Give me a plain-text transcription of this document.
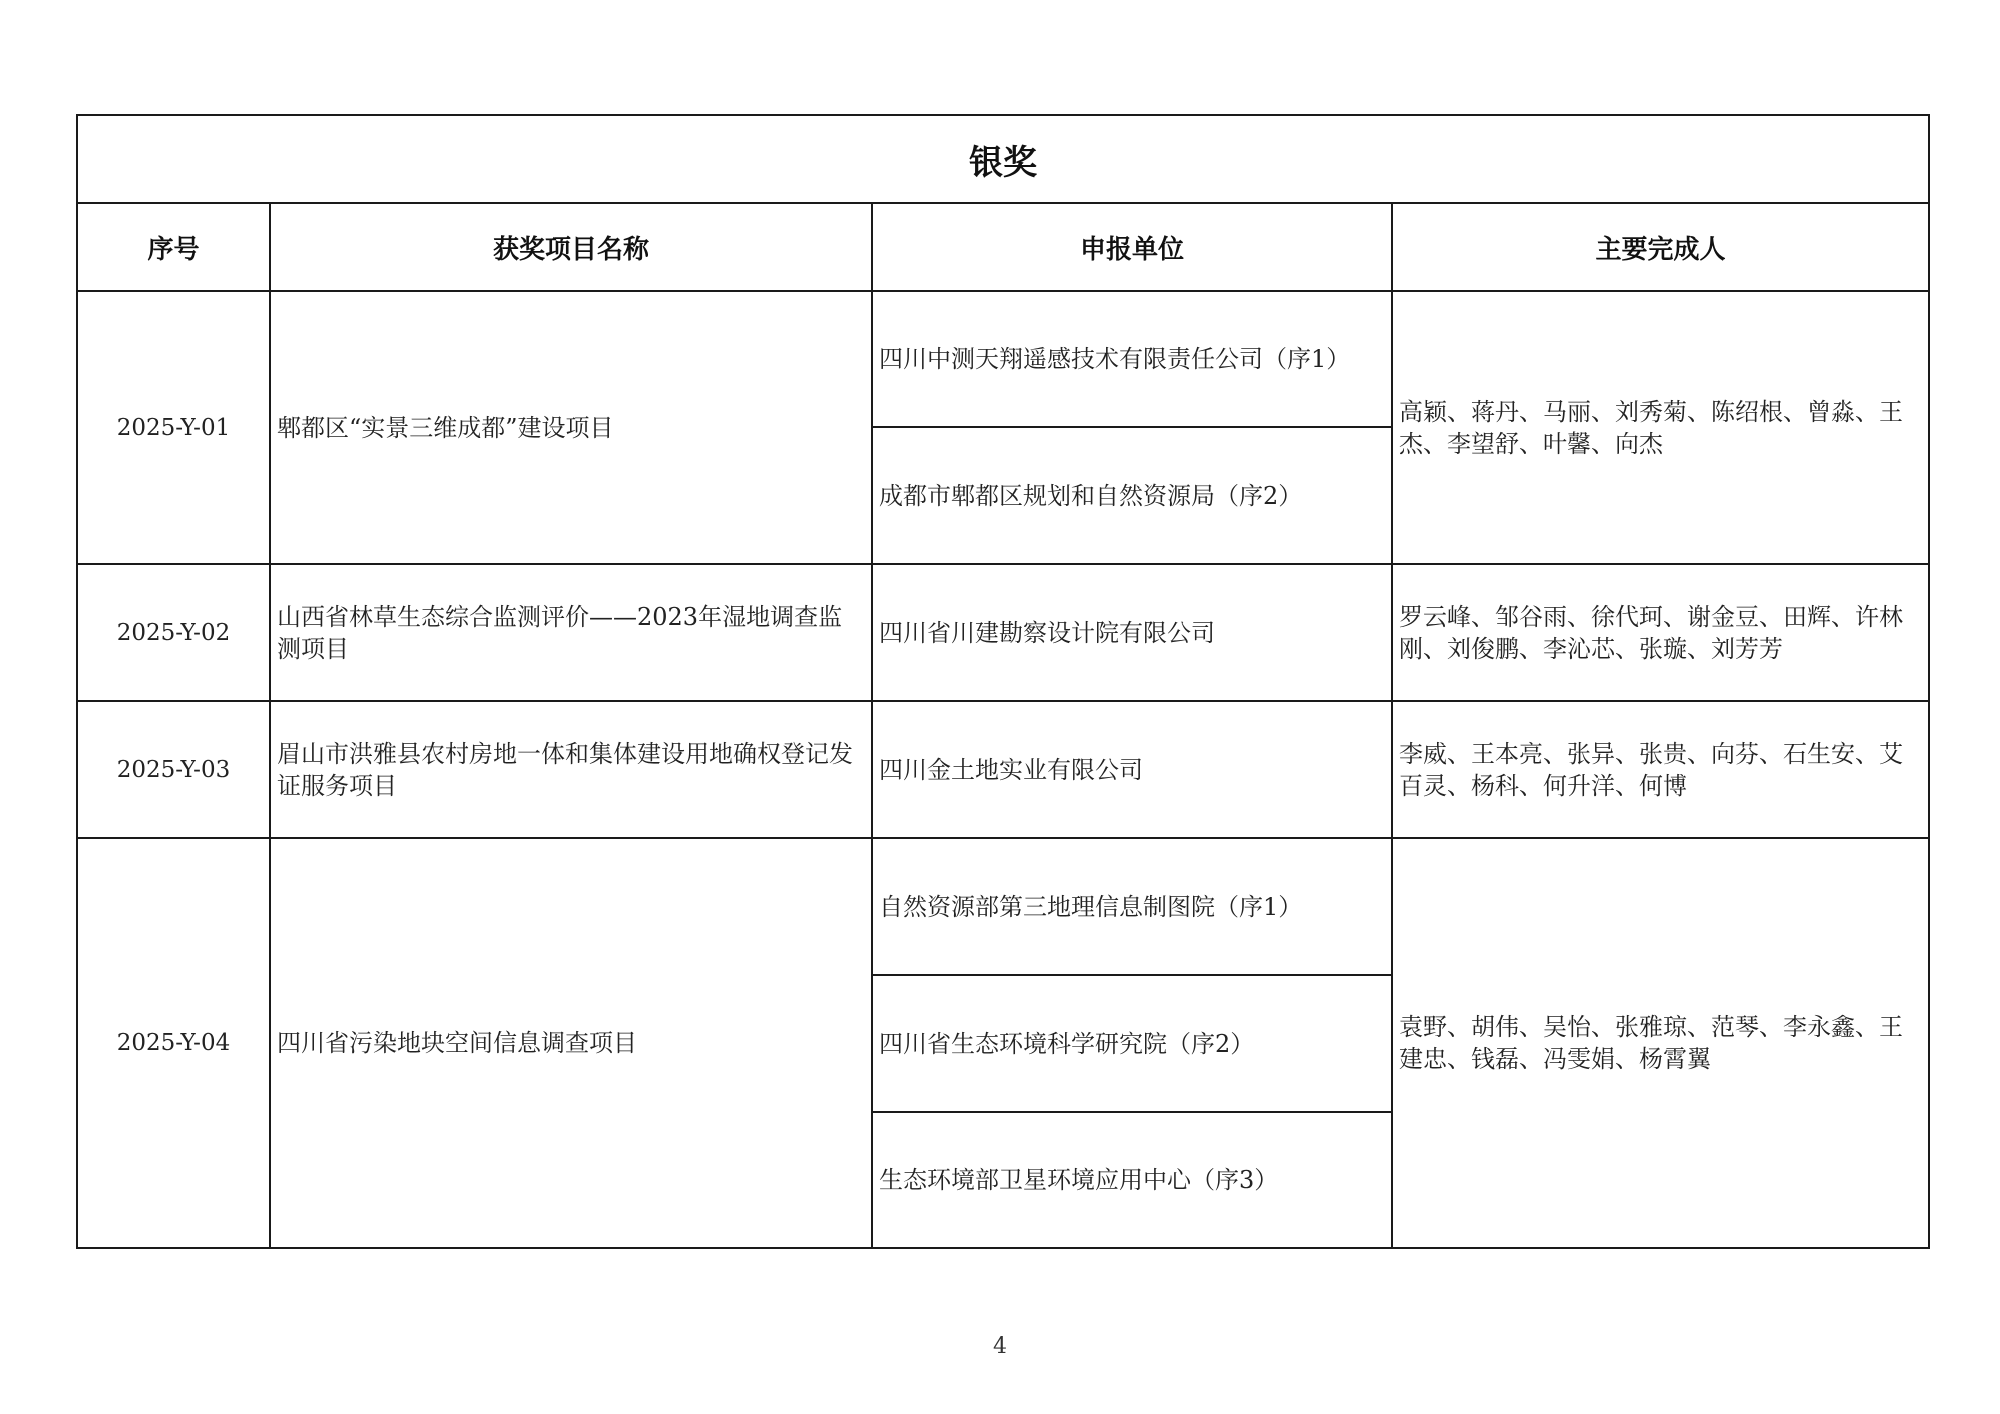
银奖			
序号	获奖项目名称	申报单位	主要完成人
2025-Y-01	郫都区“实景三维成都”建设项目	四川中测天翔遥感技术有限责任公司（序1）	高颖、蒋丹、马丽、刘秀菊、陈绍根、曾淼、王杰、李望舒、叶馨、向杰
		成都市郫都区规划和自然资源局（序2）	
2025-Y-02	山西省林草生态综合监测评价——2023年湿地调查监测项目	四川省川建勘察设计院有限公司	罗云峰、邹谷雨、徐代珂、谢金豆、田辉、许林刚、刘俊鹏、李沁芯、张璇、刘芳芳
2025-Y-03	眉山市洪雅县农村房地一体和集体建设用地确权登记发证服务项目	四川金土地实业有限公司	李威、王本亮、张异、张贵、向芬、石生安、艾百灵、杨科、何升洋、何博
2025-Y-04	四川省污染地块空间信息调查项目	自然资源部第三地理信息制图院（序1）	袁野、胡伟、吴怡、张雅琼、范琴、李永鑫、王建忠、钱磊、冯雯娟、杨霄翼
		四川省生态环境科学研究院（序2）	
		生态环境部卫星环境应用中心（序3）	
4
